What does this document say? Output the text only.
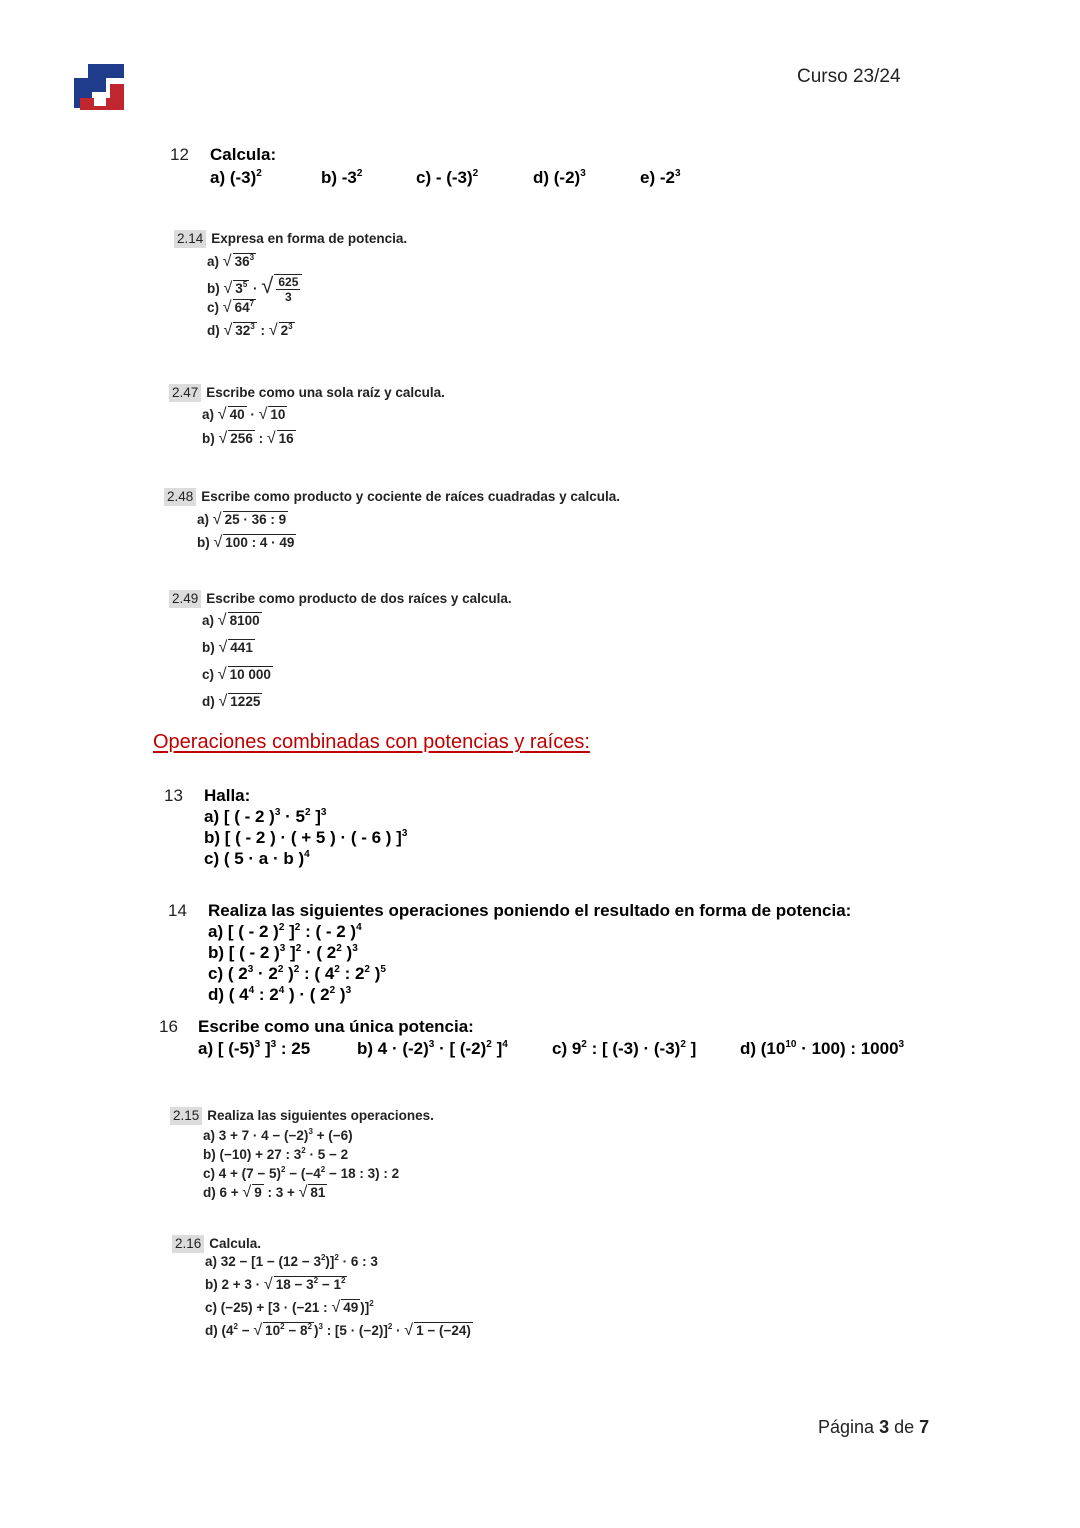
Curso 23/24
12 Calcula:
a) $(-3)^2$	b) $-3^2$	$c) - (-3)^2$	d) $(-2)^3$	e) $-2^3$
2.14 Expresa en forma de potencia.
a) √ $36^3$
b) √ $3^5$ · √ $\frac{625}{3}$
c) √ $64^7$
d) √ $32^3$ : √ $2^3$
2.47 Escribe como una sola raíz y calcula.
a) √ 40 · √ 10
b) √ 256 : √ 16
2.48 Escribe como producto y cociente de raíces cuadradas y calcula.
a) √ 25 · 36 : 9
b) √ 100 : 4 · 49
2.49 Escribe como producto de dos raíces y calcula.
a) √ 8100
b) √ 441
c) √ 10 000
d) √ 1225
Operaciones combinadas con potencias y raíces:
13 Halla:
a) [ ( - 2 )$^3 \cdot 5^2$ ]$^3$
b) [ ( - 2 ) · ( + 5 ) · ( - 6 ) ]$^3$
c) ( 5 · a · b )$^4$
14 Realiza las siguientes operaciones poniendo el resultado en forma de potencia:
a) [ ( - 2 )$^2$ ]$^2$ : ( - 2 )$^4$
b) [ ( - 2 )$^3$ ]$^2$ · ( $2^2$ )$^3$
c) ( $2^3 \cdot 2^2$ )$^2$ : ( $4^2$ : $2^2$ )$^5$
d) ( $4^4$ : $2^4$ ) · ( $2^2$ )$^3$
16 Escribe como una única potencia:
a) [ $(-5)^3$ ]$^3$ : 25	b) $4 \cdot (-2)^3$ · [ $(-2)^2$ ]$^4$	c) $9^2$ : [ $(-3) \cdot (-3)^2$ ]	d) $(10^{10} \cdot 100)$ : 1000$^3$
2.15 Realiza las siguientes operaciones.
a) $3 + 7 \cdot 4 - (-2)^3 + (-6)$
b) (−10) + 27 : $3^2 \cdot 5 - 2$
c) $4 + (7 - 5)^2 - (-4^2 - 18$ : 3) : 2
d) 6 + √ 9 : 3 + √ 81
2.16 Calcula.
a) $32 - [1 - (12 - 3^2)]^2 \cdot 6$ : 3
b) 2 + 3 · √ $18 - 3^2 - 1^2$
c) (−25) + [3 · (−21 : √ 49 )]$^2$
d) ($4^2$ − √ $10^2 - 8^2$ )$^3$ : $[5 \cdot (-2)]^2$ · √ 1 − (−24)
Página 3 de 7
